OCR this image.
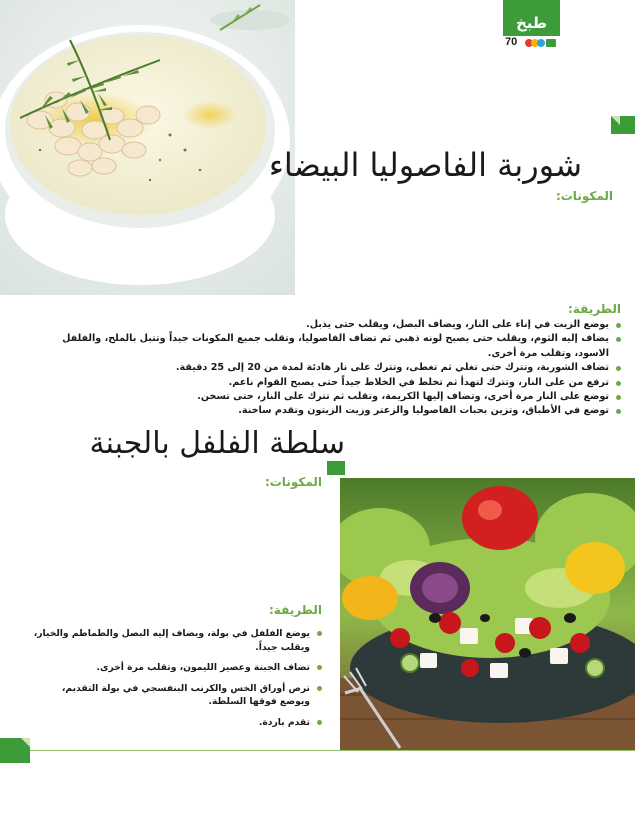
طبخ
70
شوربة الفاصوليا البيضاء
المكونات:
الطريقة:
يوضع الزيت في إناء على النار، ويضاف البصل، ويقلب حتى يذبل.
يضاف إليه الثوم، ويقلب حتى يصبح لونه ذهبي ثم تضاف الفاصوليا، وتقلب جميع المكونات جيداً وتتبل بالملح، والفلفل الاسود، وتقلب مرة أخرى.
تضاف الشوربة، وتترك حتى تغلي ثم تغطى، وتترك على نار هادئة لمدة من 20 إلى 25 دقيقة.
ترفع من على النار، وتترك لتهدأ ثم تخلط في الخلاط جيداً حتى يصبح القوام ناعم.
توضع على النار مرة أخرى، وتضاف إليها الكريمة، وتقلب ثم تترك على النار، حتى تسخن.
توضع في الأطباق، وتزين بحبات الفاصوليا والزعتر وزيت الزيتون وتقدم ساخنة.
سلطة الفلفل بالجبنة
المكونات:
الطريقة:
يوضع الفلفل في بولة، ويضاف إليه البصل والطماطم والخيار، ويقلب جيداً.
تضاف الجبنة وعصير الليمون، وتقلب مرة أخرى.
ترص أوراق الخس والكرنب البنفسجي في بولة التقديم، ويوضع فوقها السلطة.
تقدم باردة.
